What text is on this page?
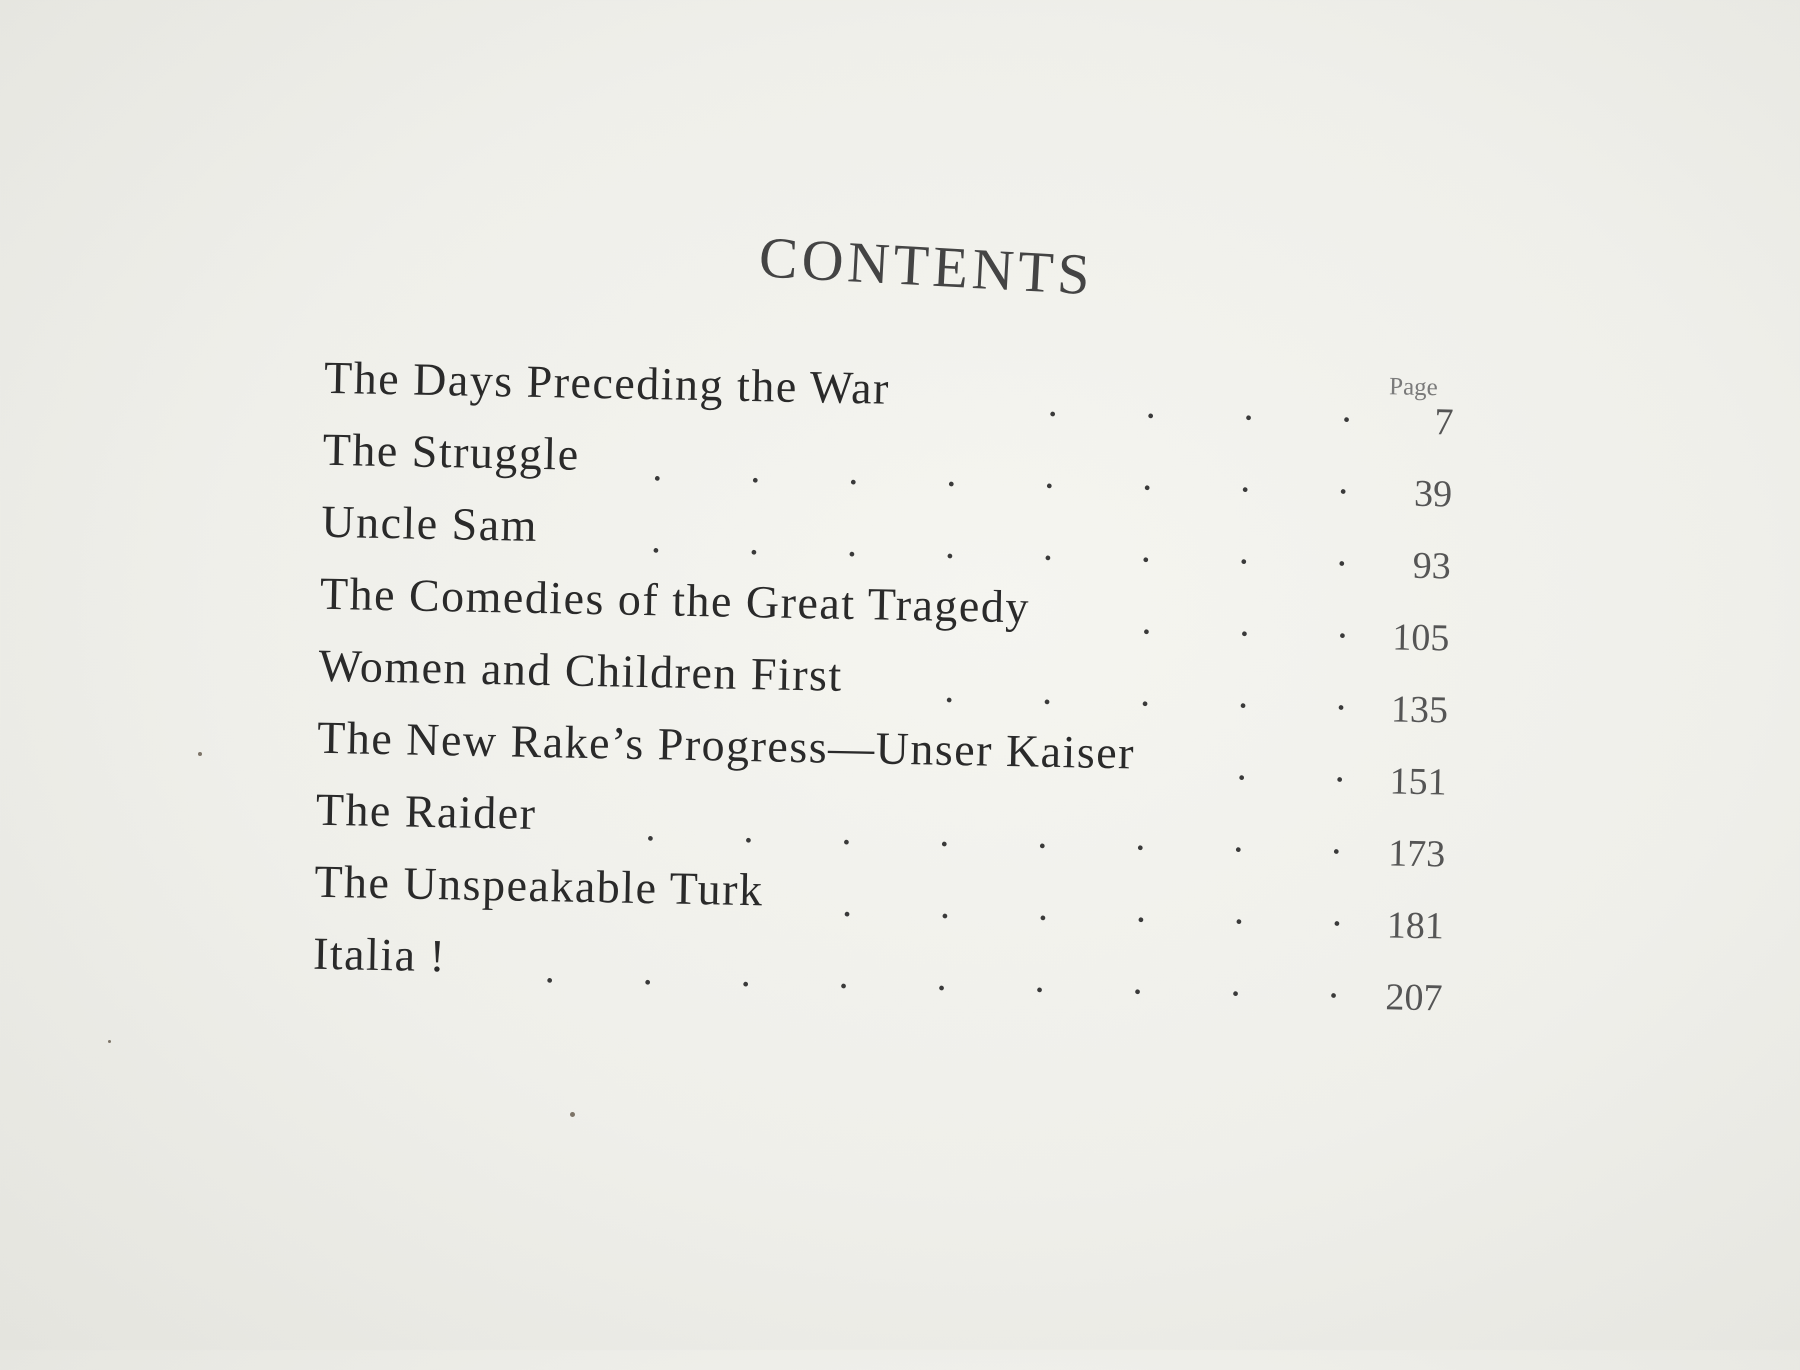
CONTENTS
Page
The Days Preceding the War	. . . .	7
The Struggle	. . . . . . . .	39
Uncle Sam	. . . . . . . .	93
The Comedies of the Great Tragedy	. . .	105
Women and Children First	. . . . .	135
The New Rake’s Progress—Unser Kaiser	. .	151
The Raider	. . . . . . . .	173
The Unspeakable Turk	. . . . . .	181
Italia !	. . . . . . . . .	207
